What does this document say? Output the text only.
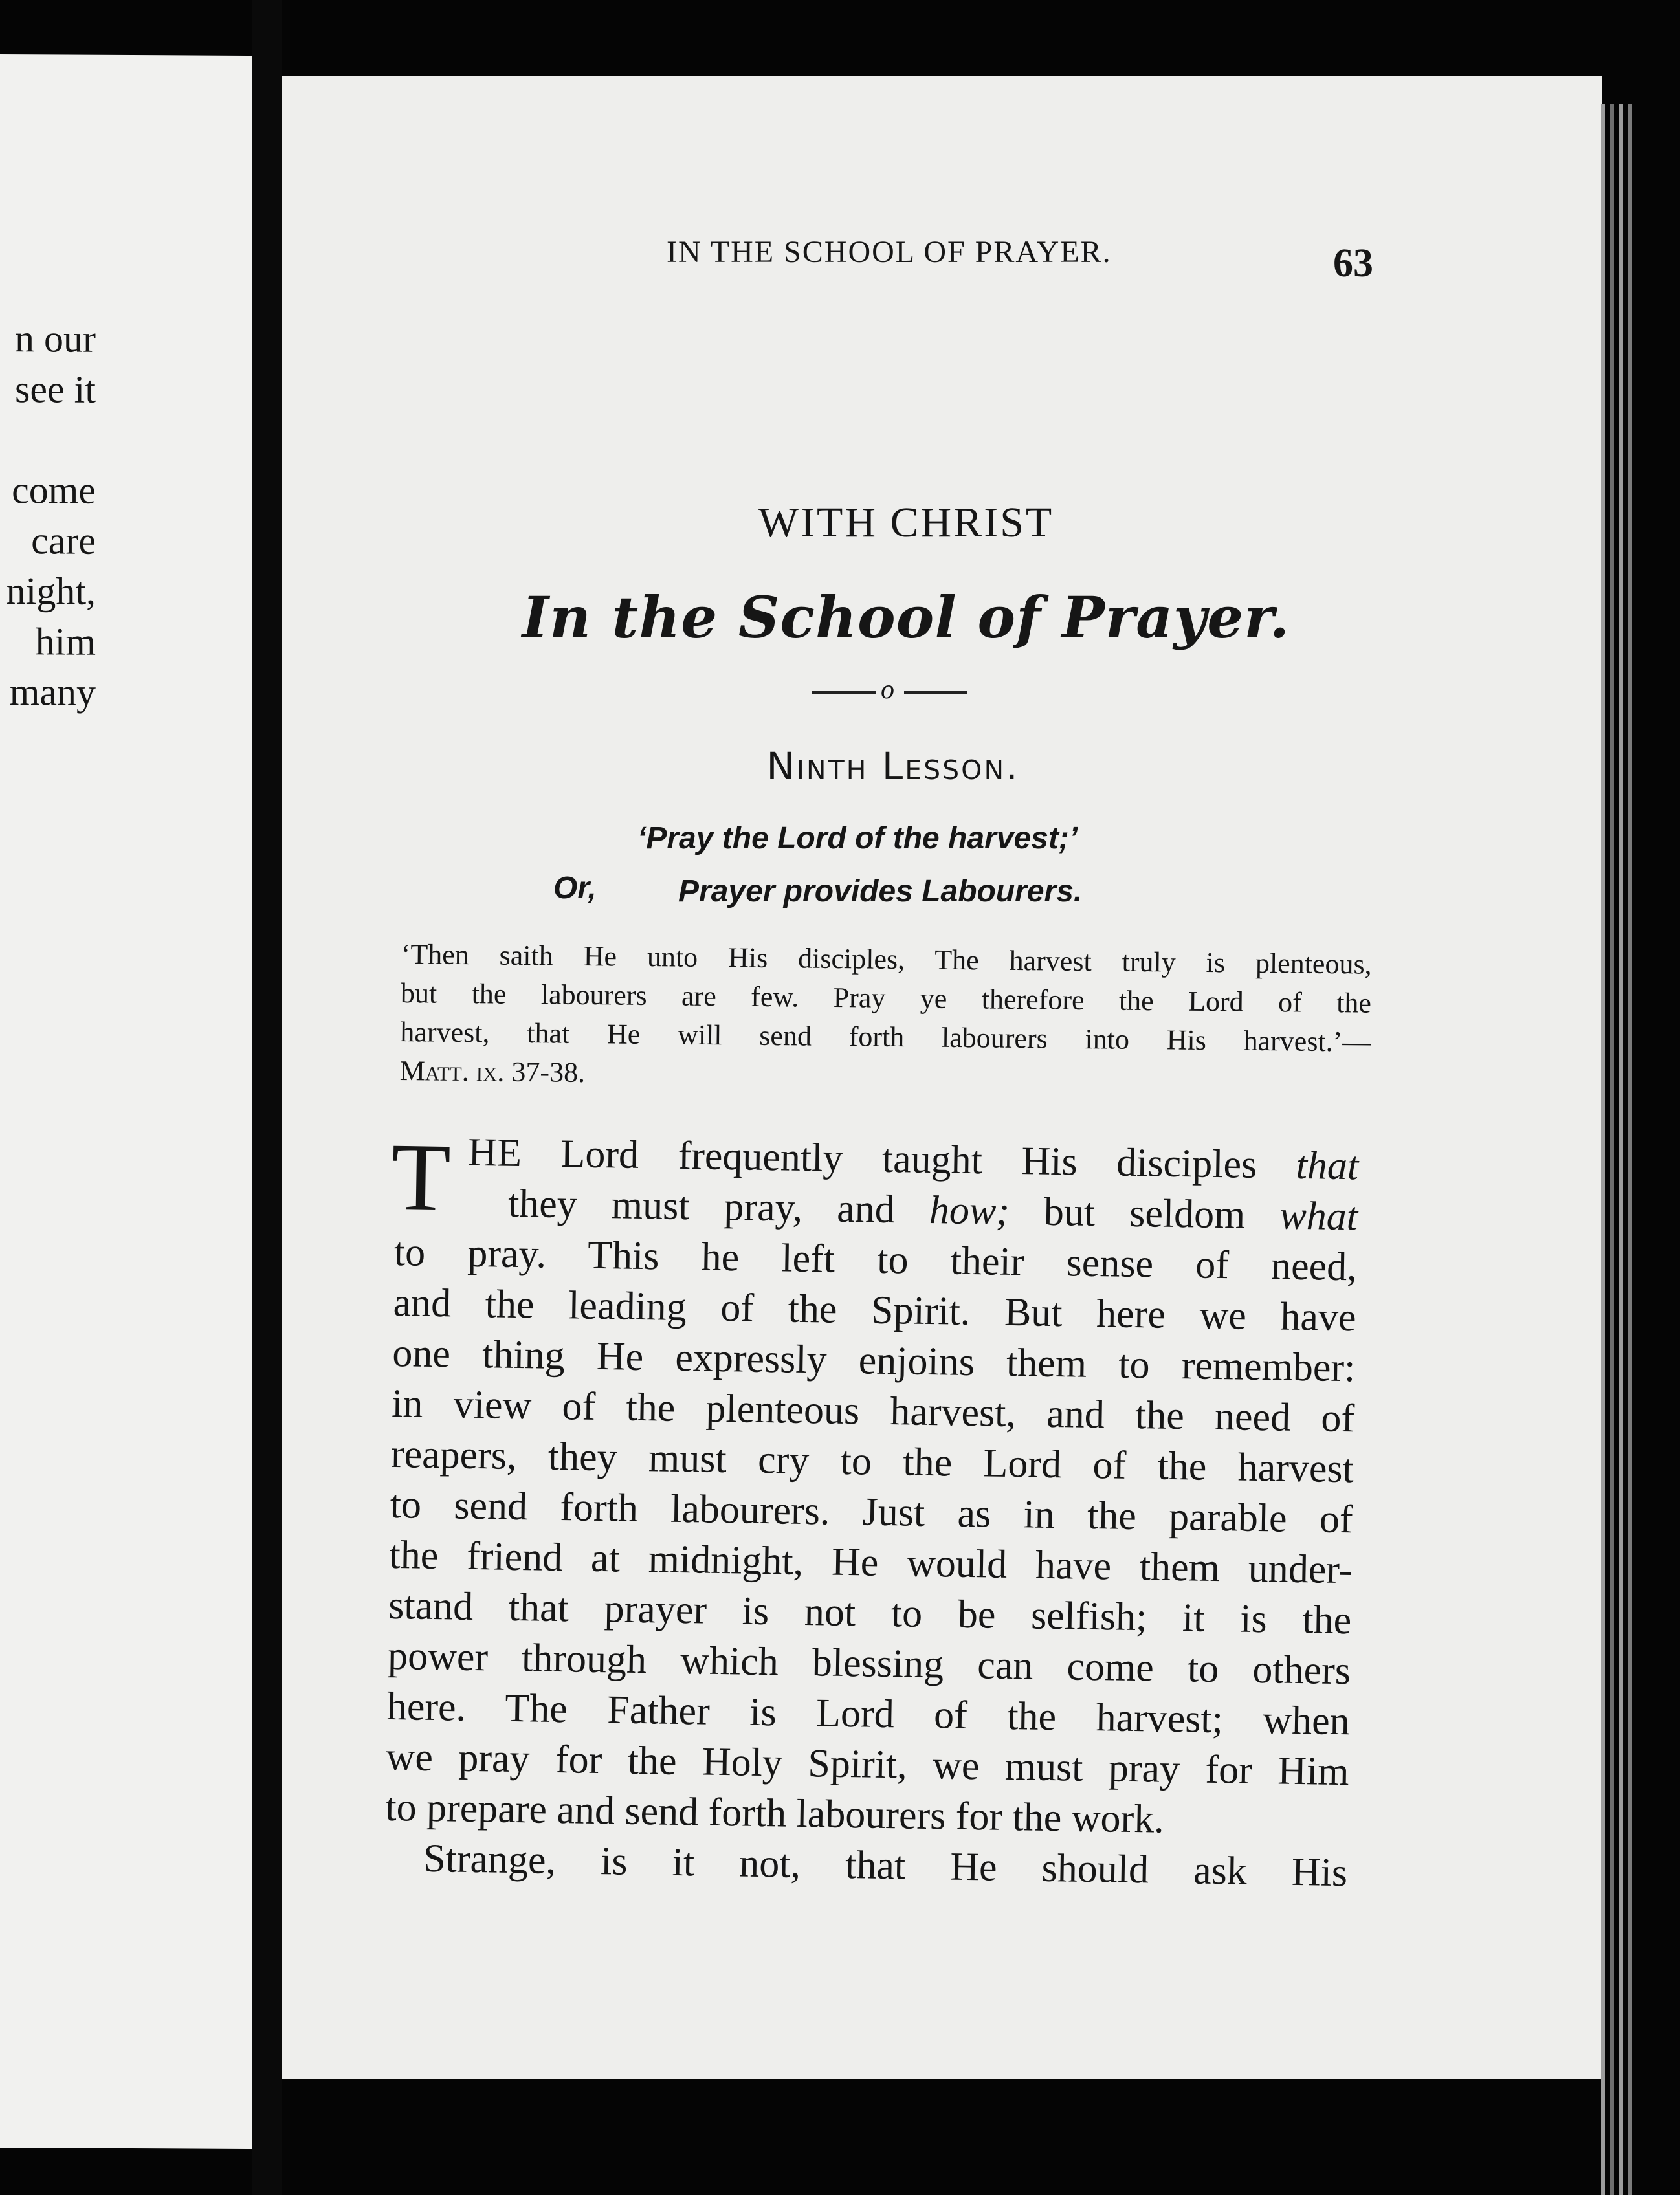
n our
see it

come
care
night,
him
many
IN THE SCHOOL OF PRAYER.	63
WITH CHRIST
In the School of Prayer.
o
Ninth Lesson.
‘Pray the Lord of the harvest;’
Or,	Prayer provides Labourers.
‘Then saith He unto His disciples, The harvest truly is plenteous,
but the labourers are few. Pray ye therefore the Lord of the
harvest, that He will send forth labourers into His harvest.’—
Matt. ix. 37-38.
T HE Lord frequently taught His disciples that
they must pray, and how; but seldom what
to pray. This he left to their sense of need,
and the leading of the Spirit. But here we have
one thing He expressly enjoins them to remember:
in view of the plenteous harvest, and the need of
reapers, they must cry to the Lord of the harvest
to send forth labourers. Just as in the parable of
the friend at midnight, He would have them under-
stand that prayer is not to be selfish; it is the
power through which blessing can come to others
here. The Father is Lord of the harvest; when
we pray for the Holy Spirit, we must pray for Him
to prepare and send forth labourers for the work.
Strange, is it not, that He should ask His
